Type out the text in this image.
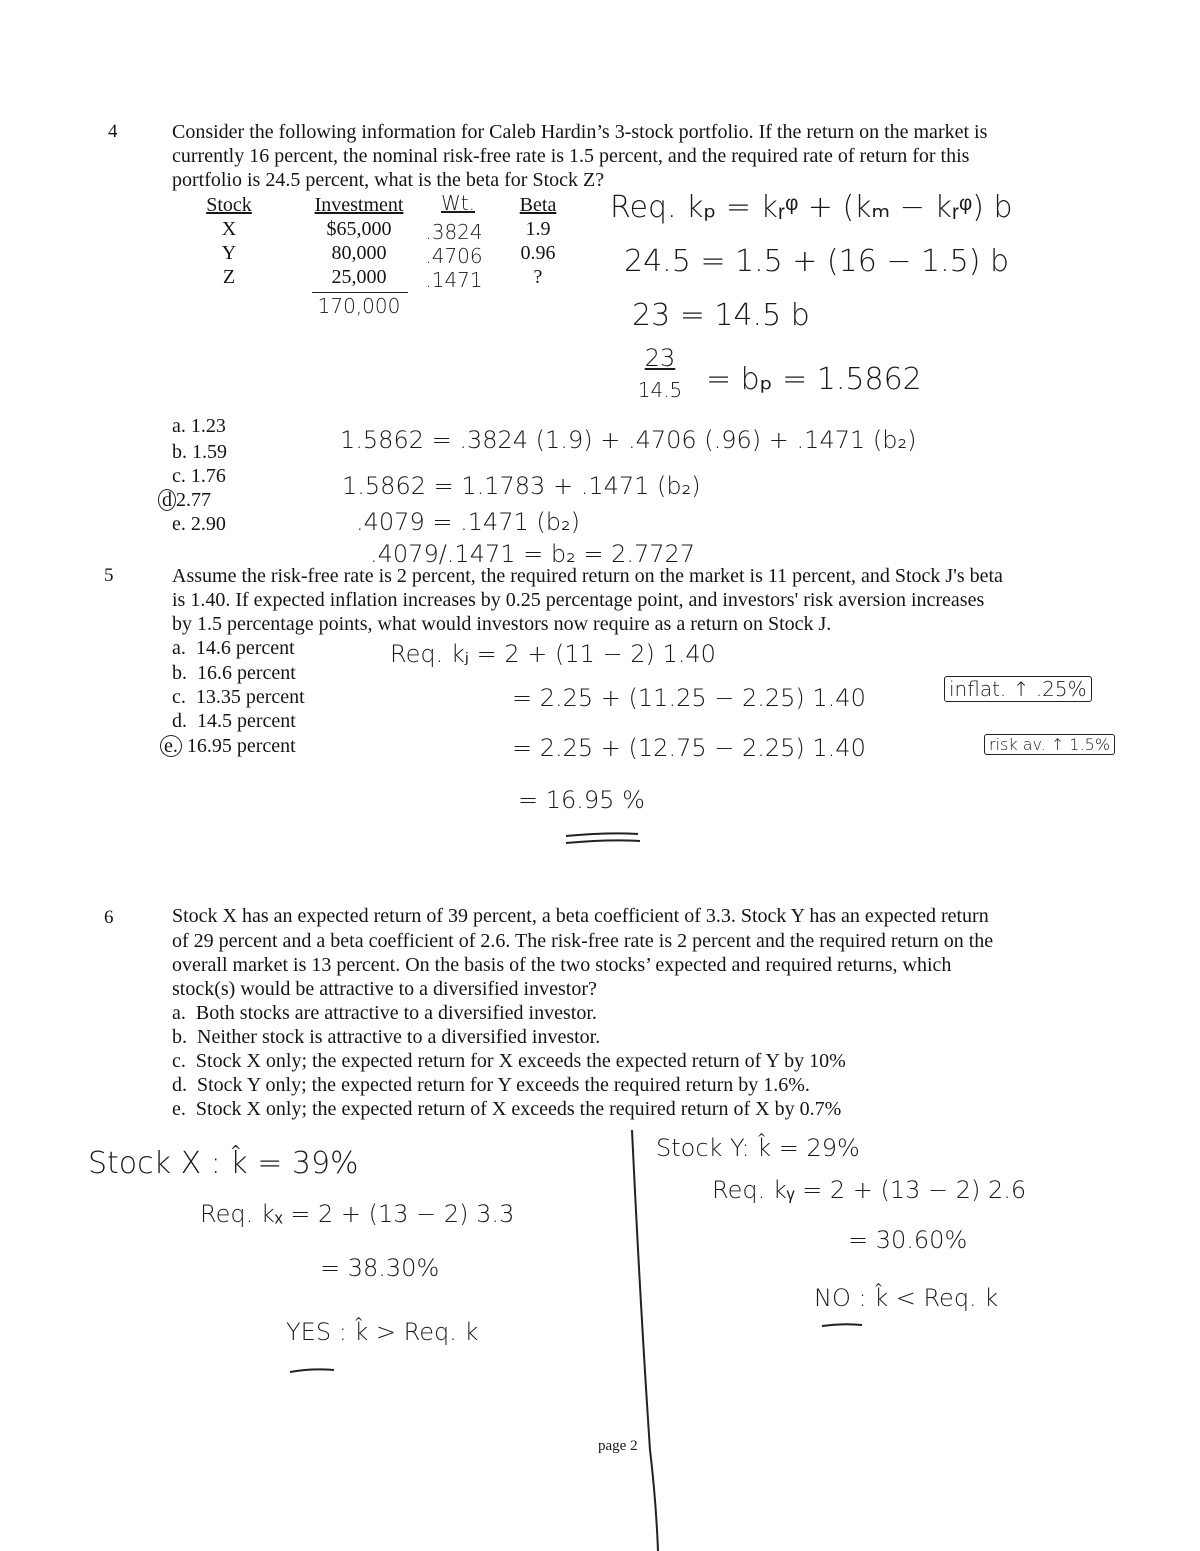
4	Consider the following information for Caleb Hardin’s 3-stock portfolio. If the return on the market is
currently 16 percent, the nominal risk-free rate is 1.5 percent, and the required rate of return for this
portfolio is 24.5 percent, what is the beta for Stock Z?
Stock	Investment	Wt.	Beta
X	$65,000	.3824	1.9
Y	80,000	.4706	0.96
Z	25,000	.1471	?
170,000
Req. kₚ = kᵣᵠ + (kₘ − kᵣᵠ) b
24.5 = 1.5 + (16 − 1.5) b
23 = 14.5 b
23
14.5 = bₚ = 1.5862
1.5862 = .3824 (1.9) + .4706 (.96) + .1471 (b₂)
1.5862 = 1.1783 + .1471 (b₂)
.4079 = .1471 (b₂)
.4079/.1471 = b₂ = 2.7727
a. 1.23
b. 1.59
c. 1.76
d 2.77
e. 2.90
5	Assume the risk-free rate is 2 percent, the required return on the market is 11 percent, and Stock J's beta
is 1.40. If expected inflation increases by 0.25 percentage point, and investors' risk aversion increases
by 1.5 percentage points, what would investors now require as a return on Stock J.
a. 14.6 percent
b. 16.6 percent
c. 13.35 percent
d. 14.5 percent
e. 16.95 percent
Req. kⱼ = 2 + (11 − 2) 1.40
= 2.25 + (11.25 − 2.25) 1.40	inflat. ↑ .25%
= 2.25 + (12.75 − 2.25) 1.40	risk av. ↑ 1.5%
= 16.95 %
6	Stock X has an expected return of 39 percent, a beta coefficient of 3.3. Stock Y has an expected return
of 29 percent and a beta coefficient of 2.6. The risk-free rate is 2 percent and the required return on the
overall market is 13 percent. On the basis of the two stocks’ expected and required returns, which
stock(s) would be attractive to a diversified investor?
a. Both stocks are attractive to a diversified investor.
b. Neither stock is attractive to a diversified investor.
c. Stock X only; the expected return for X exceeds the expected return of Y by 10%
d. Stock Y only; the expected return for Y exceeds the required return by 1.6%.
e. Stock X only; the expected return of X exceeds the required return of X by 0.7%
Stock X : k̂ = 39%
Req. kₓ = 2 + (13 − 2) 3.3
= 38.30%
YES : k̂ > Req. k
Stock Y: k̂ = 29%
Req. kᵧ = 2 + (13 − 2) 2.6
= 30.60%
NO : k̂ < Req. k
page 2
